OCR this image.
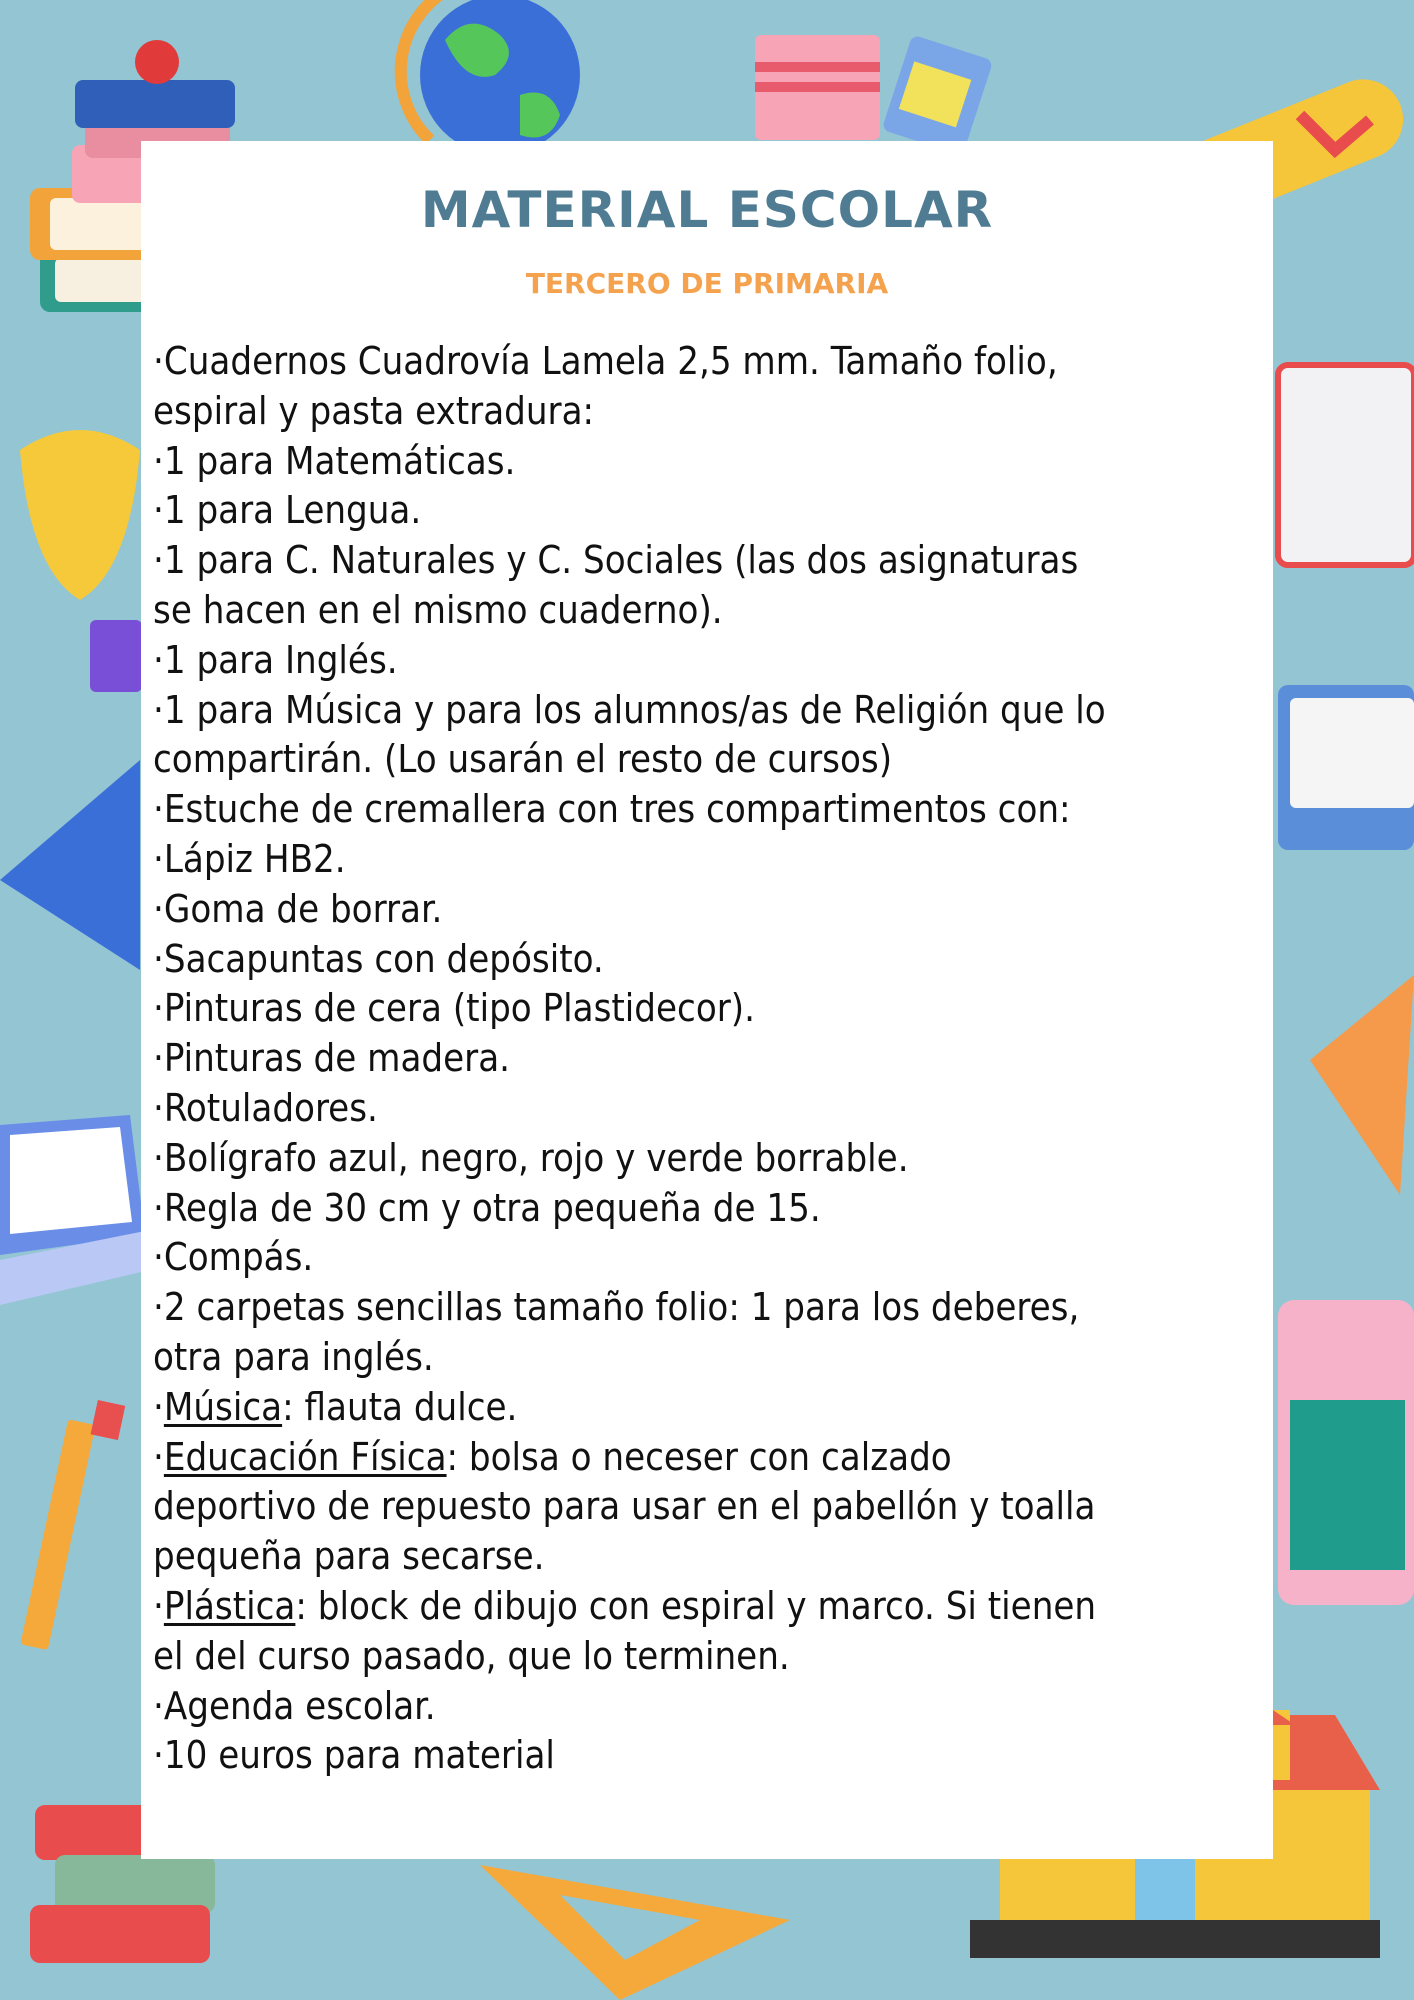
MATERIAL ESCOLAR
TERCERO DE PRIMARIA

·Cuadernos Cuadrovía Lamela 2,5 mm. Tamaño folio,

espiral y pasta extradura:

·1 para Matemáticas.

·1 para Lengua.

·1 para C. Naturales y C. Sociales (las dos asignaturas

se hacen en el mismo cuaderno).

·1 para Inglés.

·1 para Música y para los alumnos/as de Religión que lo

compartirán. (Lo usarán el resto de cursos)

·Estuche de cremallera con tres compartimentos con:

·Lápiz HB2.

·Goma de borrar.

·Sacapuntas con depósito.

·Pinturas de cera (tipo Plastidecor).

·Pinturas de madera.

·Rotuladores.

·Bolígrafo azul, negro, rojo y verde borrable.

·Regla de 30 cm y otra pequeña de 15.

·Compás.

·2 carpetas sencillas tamaño folio: 1 para los deberes,

otra para inglés.

·Música: flauta dulce.

·Educación Física: bolsa o neceser con calzado

deportivo de repuesto para usar en el pabellón y toalla

pequeña para secarse.

·Plástica: block de dibujo con espiral y marco. Si tienen

el del curso pasado, que lo terminen.

·Agenda escolar.

·10 euros para material
